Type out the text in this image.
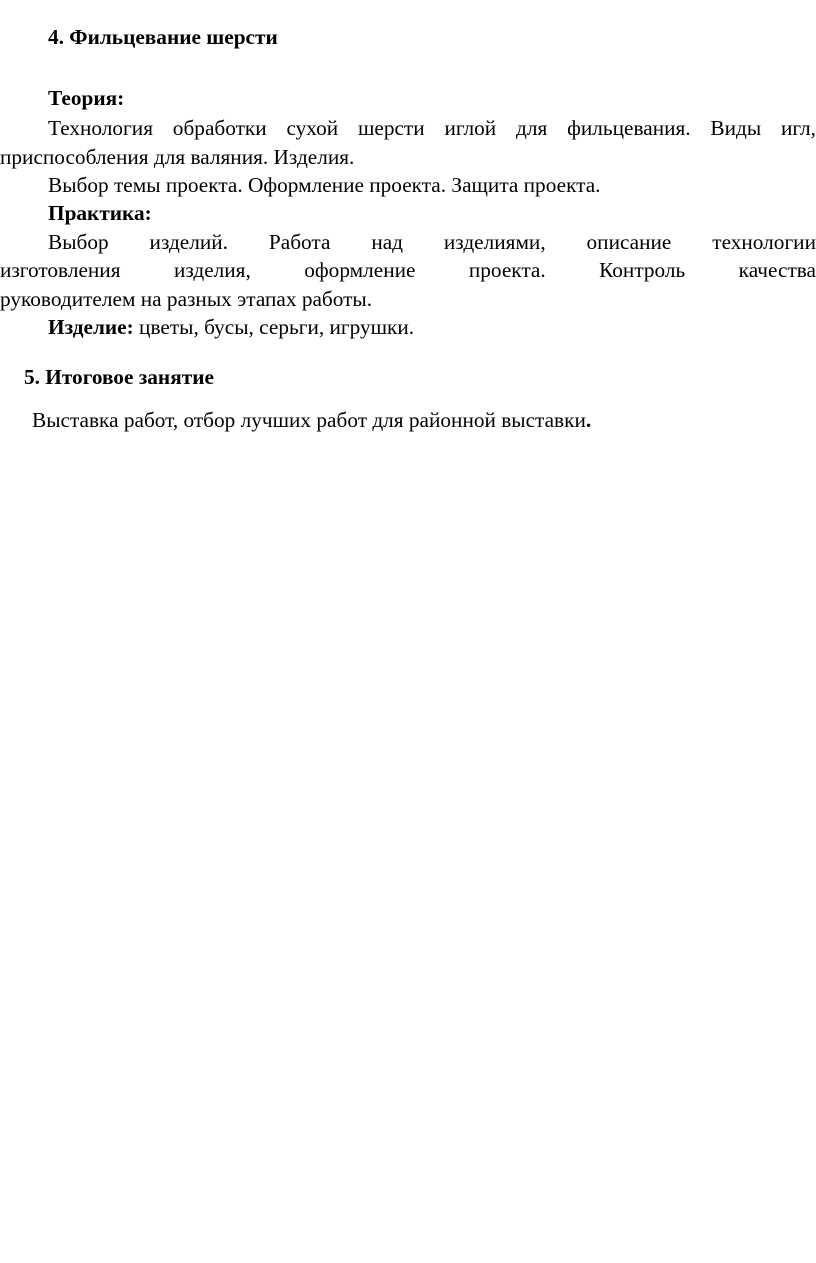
4. Фильцевание шерсти
Теория:
Технология обработки сухой шерсти иглой для фильцевания. Виды игл,
приспособления для валяния. Изделия.
Выбор темы проекта. Оформление проекта. Защита проекта.
Практика:
Выбор изделий. Работа над изделиями, описание технологии
изготовления	изделия,	оформление	проекта.	Контроль	качества
руководителем на разных этапах работы.
Изделие: цветы, бусы, серьги, игрушки.
5. Итоговое занятие
Выставка работ, отбор лучших работ для районной выставки.
